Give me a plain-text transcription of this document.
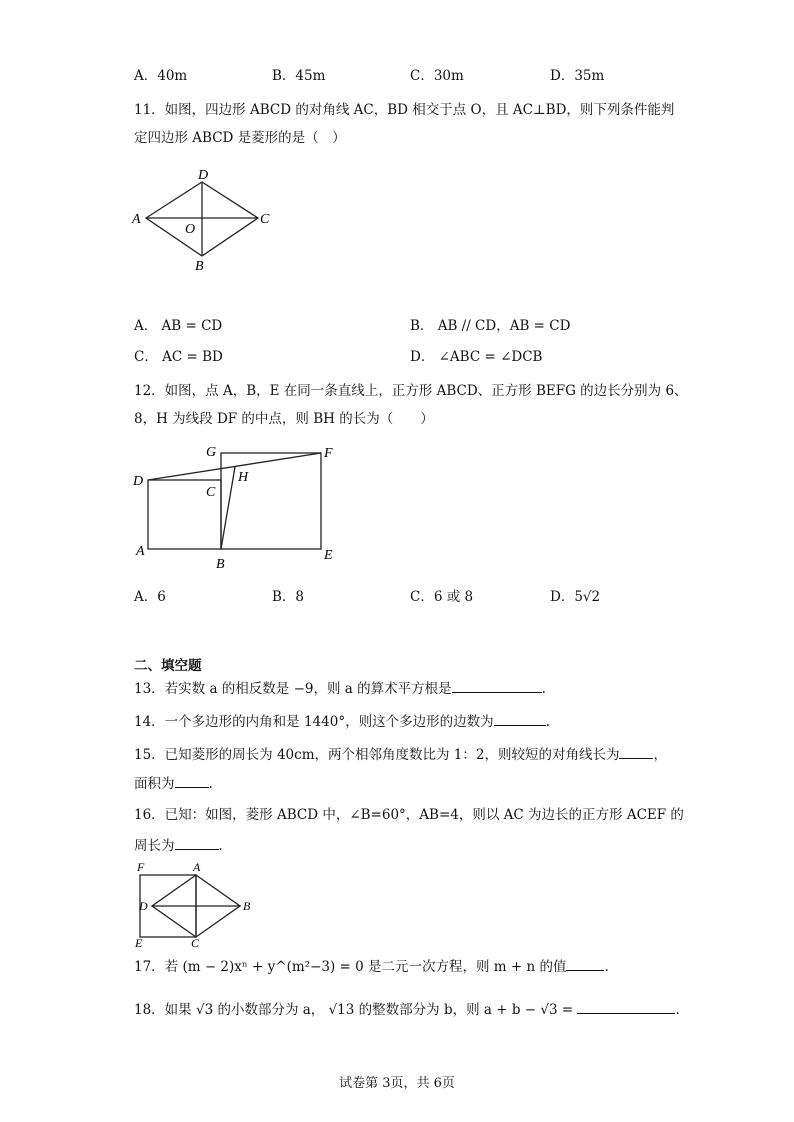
A．40m	B．45m	C．30m	D．35m
11．如图，四边形 ABCD 的对角线 AC，BD 相交于点 O，且 AC⊥BD，则下列条件能判
定四边形 ABCD 是菱形的是（　）
D
A	C
O
B
A． AB = CD	B． AB // CD，AB = CD
C． AC = BD	D． ∠ABC = ∠DCB
12．如图，点 A，B，E 在同一条直线上，正方形 ABCD、正方形 BEFG 的边长分别为 6、
8，H 为线段 DF 的中点，则 BH 的长为（　　）
G	F
D	H
C
A	E
B
A．6	B．8	C．6 或 8	D．5√2
二、填空题
13．若实数 a 的相反数是 −9，则 a 的算术平方根是	.
14．一个多边形的内角和是 1440°，则这个多边形的边数为	.
15．已知菱形的周长为 40cm，两个相邻角度数比为 1：2，则较短的对角线长为	，
面积为	.
16．已知：如图，菱形 ABCD 中，∠B=60°，AB=4，则以 AC 为边长的正方形 ACEF 的
周长为	.
F	A
D	B
E	C
17．若 (m − 2)xⁿ + y^(m²−3) = 0 是二元一次方程，则 m + n 的值	.
18．如果 √3 的小数部分为 a， √13 的整数部分为 b，则 a + b − √3 =	.
试卷第 3页，共 6页
